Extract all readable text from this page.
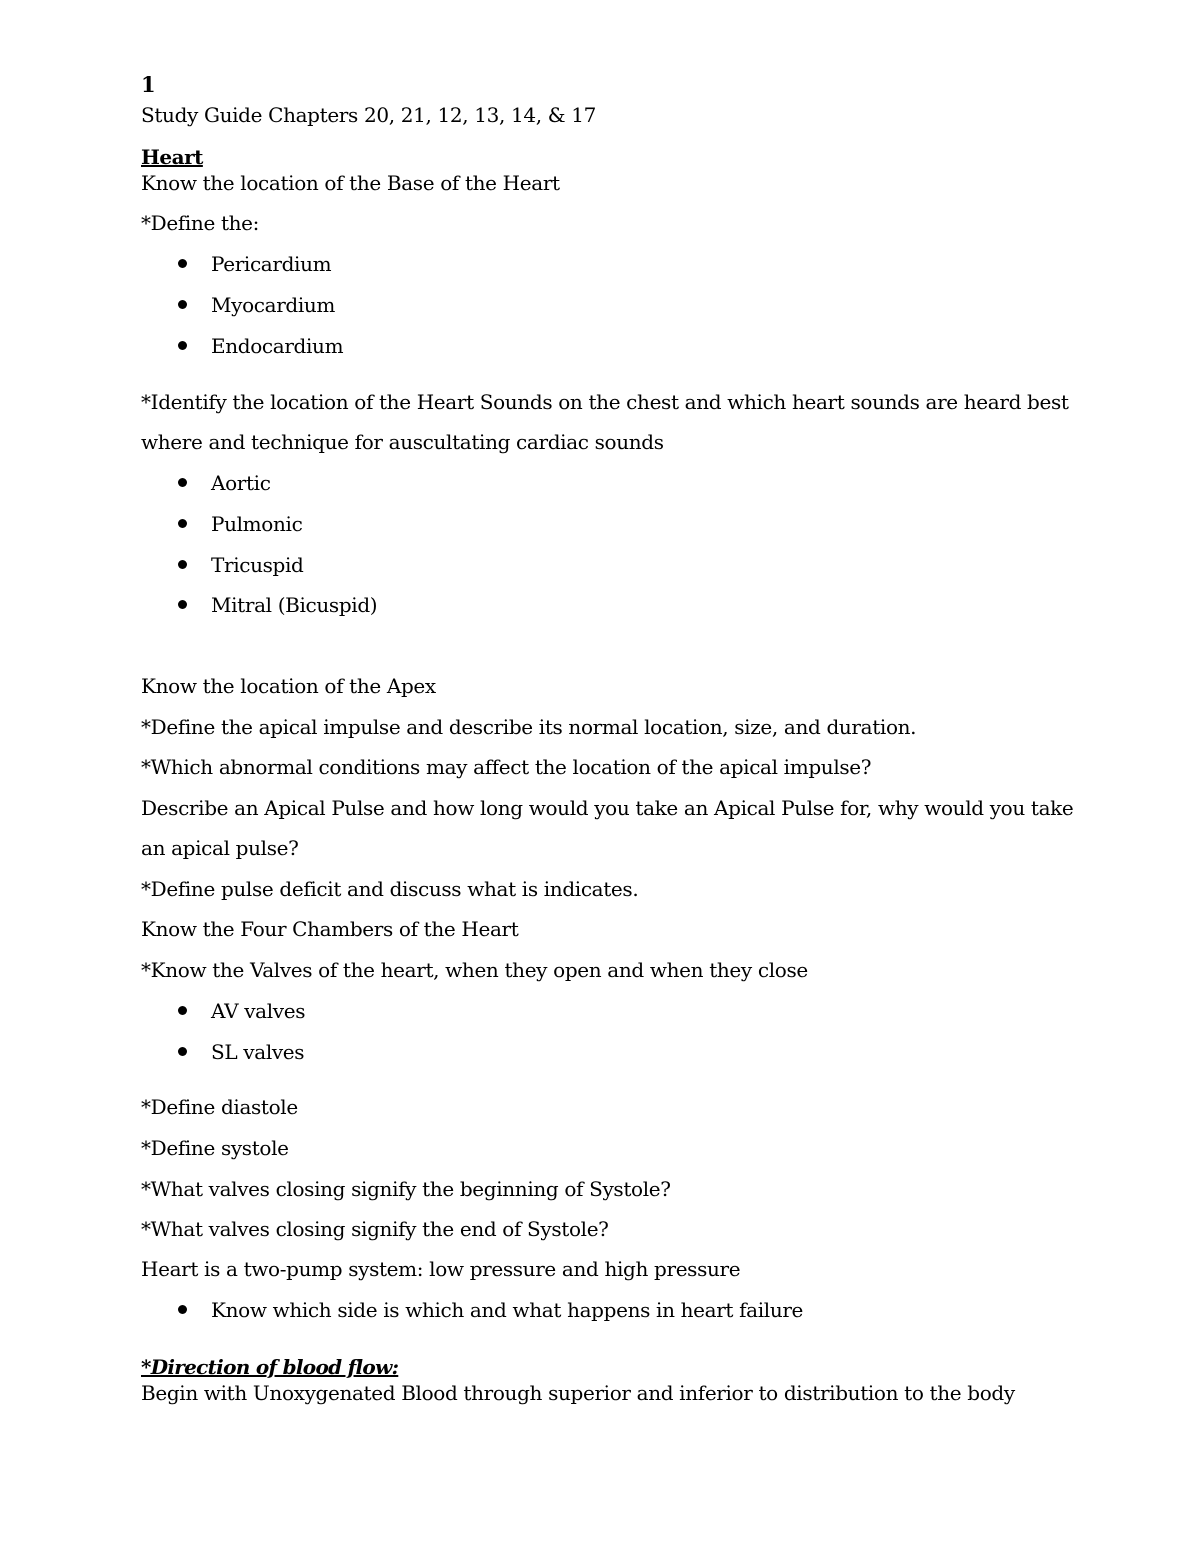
1

Study Guide Chapters 20, 21, 12, 13, 14, & 17

Heart

Know the location of the Base of the Heart

*Define the:

Pericardium

Myocardium

Endocardium

*Identify the location of the Heart Sounds on the chest and which heart sounds are heard best

where and technique for auscultating cardiac sounds

Aortic

Pulmonic

Tricuspid

Mitral (Bicuspid)

Know the location of the Apex

*Define the apical impulse and describe its normal location, size, and duration.

*Which abnormal conditions may affect the location of the apical impulse?

Describe an Apical Pulse and how long would you take an Apical Pulse for, why would you take

an apical pulse?

*Define pulse deficit and discuss what is indicates.

Know the Four Chambers of the Heart

*Know the Valves of the heart, when they open and when they close

AV valves

SL valves

*Define diastole

*Define systole

*What valves closing signify the beginning of Systole?

*What valves closing signify the end of Systole?

Heart is a two-pump system: low pressure and high pressure

Know which side is which and what happens in heart failure

*Direction of blood flow:

Begin with Unoxygenated Blood through superior and inferior to distribution to the body
